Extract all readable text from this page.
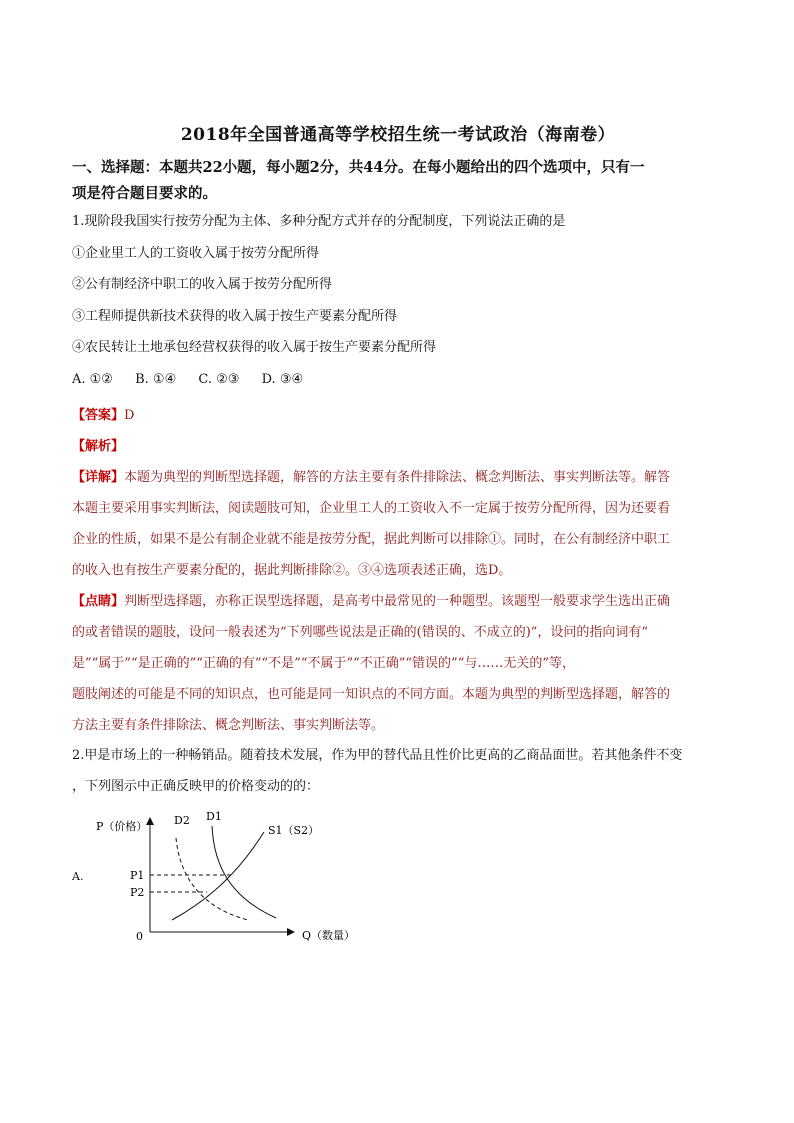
2018年全国普通高等学校招生统一考试政治（海南卷）
一、选择题：本题共22小题，每小题2分，共44分。在每小题给出的四个选项中，只有一
项是符合题目要求的。
1.现阶段我国实行按劳分配为主体、多种分配方式并存的分配制度，下列说法正确的是
①企业里工人的工资收入属于按劳分配所得
②公有制经济中职工的收入属于按劳分配所得
③工程师提供新技术获得的收入属于按生产要素分配所得
④农民转让土地承包经营权获得的收入属于按生产要素分配所得
A. ①② B. ①④ C. ②③ D. ③④
【答案】D
【解析】
【详解】本题为典型的判断型选择题，解答的方法主要有条件排除法、概念判断法、事实判断法等。解答
本题主要采用事实判断法，阅读题肢可知，企业里工人的工资收入不一定属于按劳分配所得，因为还要看
企业的性质，如果不是公有制企业就不能是按劳分配，据此判断可以排除①。同时，在公有制经济中职工
的收入也有按生产要素分配的，据此判断排除②。③④选项表述正确，选D。
【点睛】判断型选择题，亦称正误型选择题，是高考中最常见的一种题型。该题型一般要求学生选出正确
的或者错误的题肢，设问一般表述为“下列哪些说法是正确的(错误的、不成立的)”，设问的指向词有“
是”“属于”“是正确的”“正确的有”“不是”“不属于”“不正确”“错误的”“与……无关的”等，
题肢阐述的可能是不同的知识点，也可能是同一知识点的不同方面。本题为典型的判断型选择题，解答的
方法主要有条件排除法、概念判断法、事实判断法等。
2.甲是市场上的一种畅销品。随着技术发展，作为甲的替代品且性价比更高的乙商品面世。若其他条件不变
，下列图示中正确反映甲的价格变动的的：
A.
P（价格）
Q（数量）
0
P1
P2
D2 D1
S1（S2）
